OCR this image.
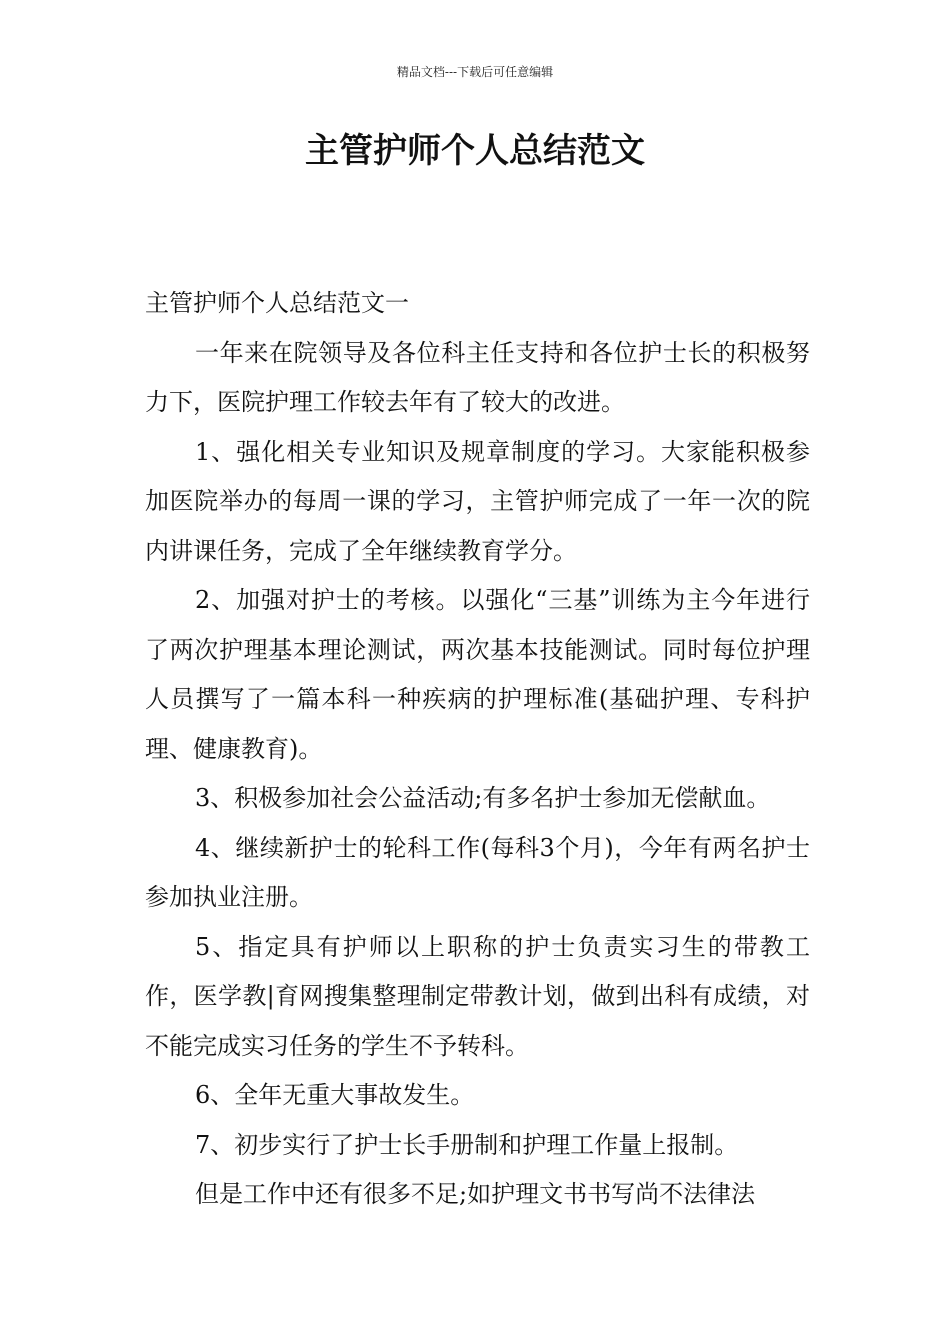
精品文档---下载后可任意编辑
主管护师个人总结范文

主管护师个人总结范文一

一年来在院领导及各位科主任支持和各位护士长的积极努力下，医院护理工作较去年有了较大的改进。

1、强化相关专业知识及规章制度的学习。大家能积极参加医院举办的每周一课的学习，主管护师完成了一年一次的院内讲课任务，完成了全年继续教育学分。

2、加强对护士的考核。以强化“三基”训练为主今年进行了两次护理基本理论测试，两次基本技能测试。同时每位护理人员撰写了一篇本科一种疾病的护理标准(基础护理、专科护理、健康教育)。

3、积极参加社会公益活动;有多名护士参加无偿献血。

4、继续新护士的轮科工作(每科3个月)，今年有两名护士参加执业注册。

5、指定具有护师以上职称的护士负责实习生的带教工作，医学教|育网搜集整理制定带教计划，做到出科有成绩，对不能完成实习任务的学生不予转科。

6、全年无重大事故发生。

7、初步实行了护士长手册制和护理工作量上报制。

但是工作中还有很多不足;如护理文书书写尚不法律法
